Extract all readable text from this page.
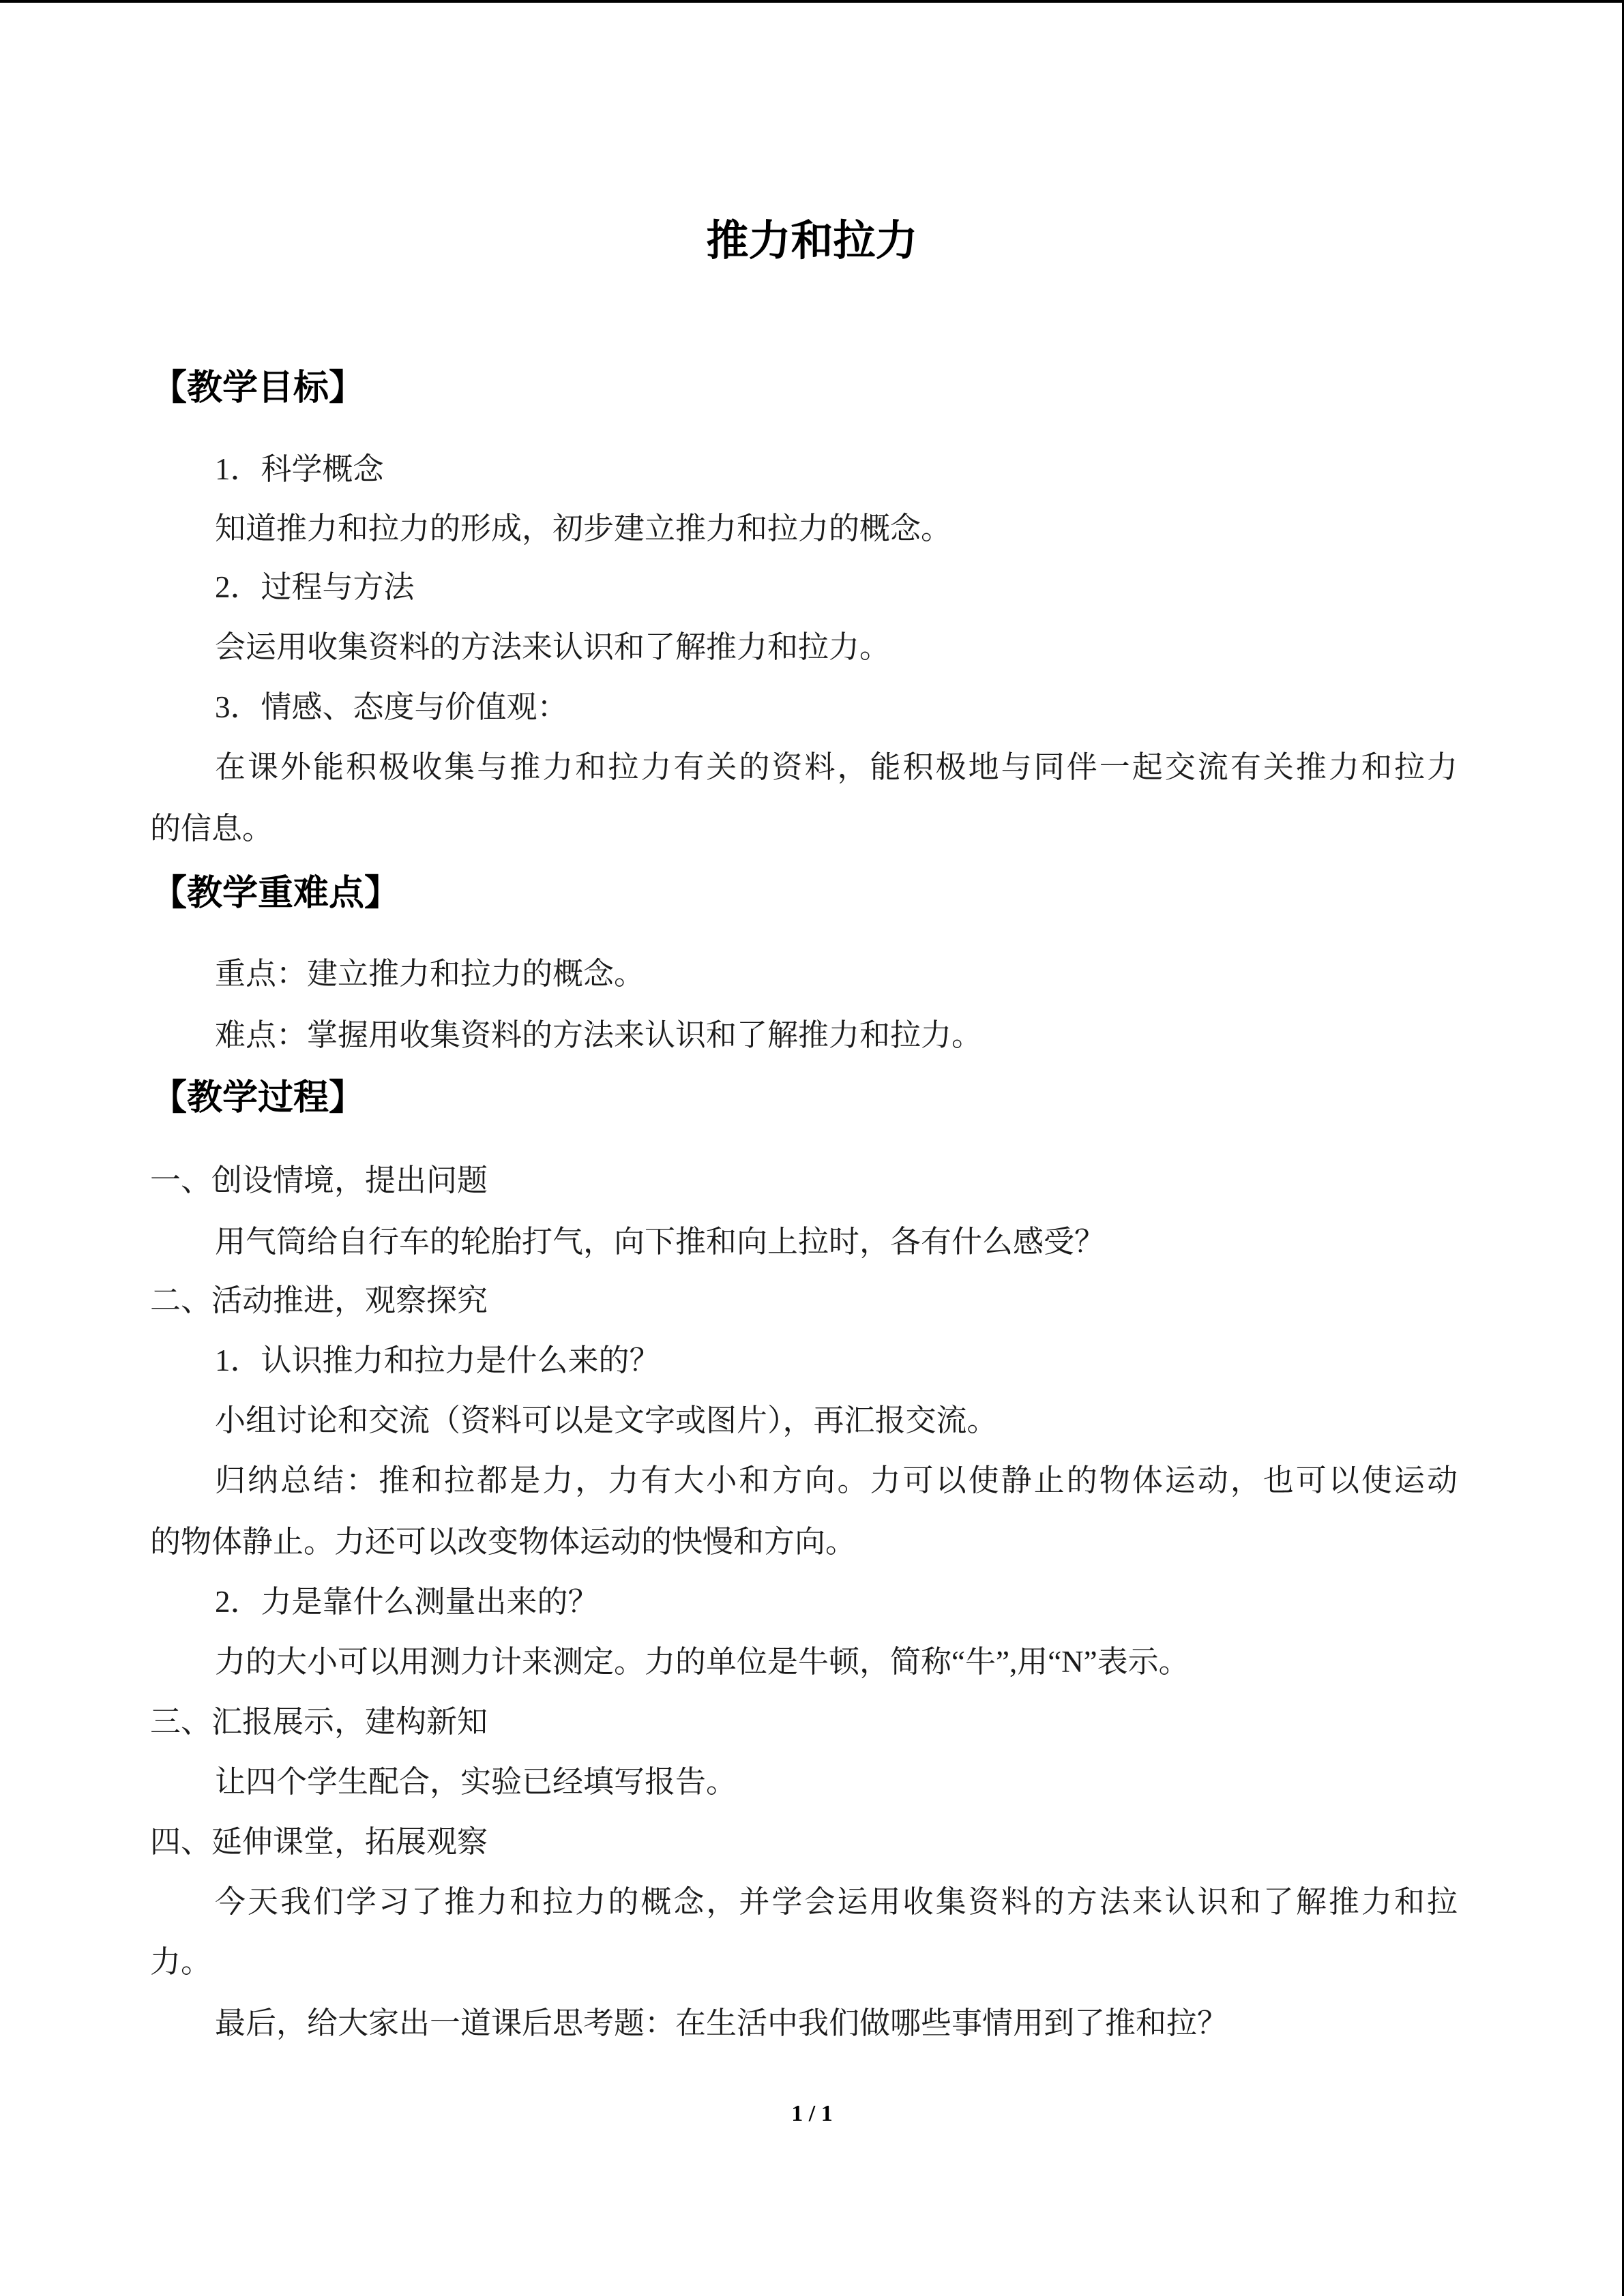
推力和拉力
【教学目标】
1．科学概念
知道推力和拉力的形成，初步建立推力和拉力的概念。
2．过程与方法
会运用收集资料的方法来认识和了解推力和拉力。
3．情感、态度与价值观：
在课外能积极收集与推力和拉力有关的资料，能积极地与同伴一起交流有关推力和拉力
的信息。
【教学重难点】
重点：建立推力和拉力的概念。
难点：掌握用收集资料的方法来认识和了解推力和拉力。
【教学过程】
一、创设情境，提出问题
用气筒给自行车的轮胎打气，向下推和向上拉时，各有什么感受？
二、活动推进，观察探究
1．认识推力和拉力是什么来的？
小组讨论和交流（资料可以是文字或图片），再汇报交流。
归纳总结：推和拉都是力，力有大小和方向。力可以使静止的物体运动，也可以使运动
的物体静止。力还可以改变物体运动的快慢和方向。
2．力是靠什么测量出来的？
力的大小可以用测力计来测定。力的单位是牛顿，简称“牛”,用“N”表示。
三、汇报展示，建构新知
让四个学生配合，实验已经填写报告。
四、延伸课堂，拓展观察
今天我们学习了推力和拉力的概念，并学会运用收集资料的方法来认识和了解推力和拉
力。
最后，给大家出一道课后思考题：在生活中我们做哪些事情用到了推和拉？
1 / 1
